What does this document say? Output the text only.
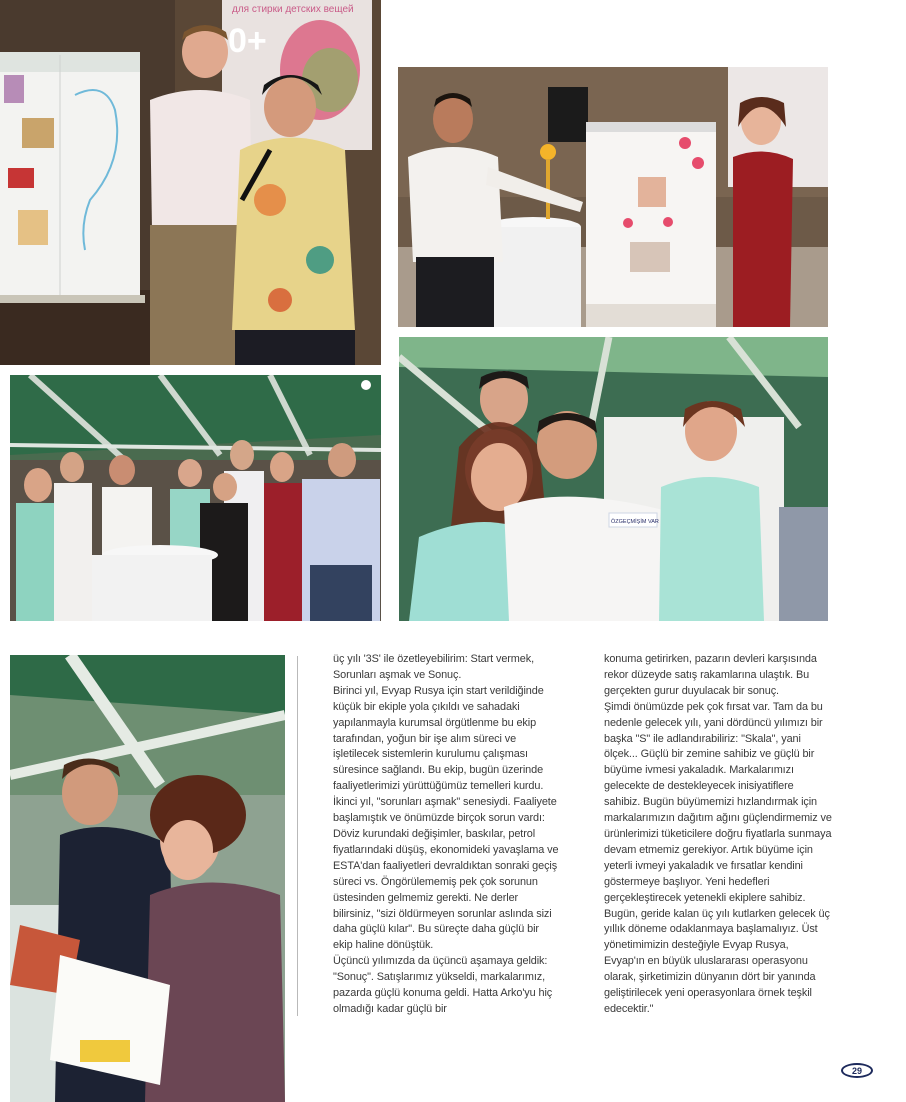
для стирки детских вещей
0+
ÖZGEÇMİŞİM VAR

üç yılı '3S' ile özetleyebilirim: Start vermek, Sorunları aşmak ve Sonuç.

Birinci yıl, Evyap Rusya için start verildiğinde küçük bir ekiple yola çıkıldı ve sahadaki yapılanmayla kurumsal örgütlenme bu ekip tarafından, yoğun bir işe alım süreci ve işletilecek sistemlerin kurulumu çalışması süresince sağlandı. Bu ekip, bugün üzerinde faaliyetlerimizi yürüttüğümüz temelleri kurdu.

İkinci yıl, "sorunları aşmak" senesiydi. Faaliyete başlamıştık ve önümüzde birçok sorun vardı: Döviz kurundaki değişimler, baskılar, petrol fiyatlarındaki düşüş, ekonomideki yavaşlama ve ESTA'dan faaliyetleri devraldıktan sonraki geçiş süreci vs. Öngörülememiş pek çok sorunun üstesinden gelmemiz gerekti. Ne derler bilirsiniz, "sizi öldürmeyen sorunlar aslında sizi daha güçlü kılar". Bu süreçte daha güçlü bir ekip haline dönüştük.

Üçüncü yılımızda da üçüncü aşamaya geldik: "Sonuç". Satışlarımız yükseldi, markalarımız, pazarda güçlü konuma geldi. Hatta Arko'yu hiç olmadığı kadar güçlü bir

konuma getirirken, pazarın devleri karşısında rekor düzeyde satış rakamlarına ulaştık. Bu gerçekten gurur duyulacak bir sonuç.

Şimdi önümüzde pek çok fırsat var. Tam da bu nedenle gelecek yılı, yani dördüncü yılımızı bir başka "S" ile adlandırabiliriz: "Skala", yani ölçek... Güçlü bir zemine sahibiz ve güçlü bir büyüme ivmesi yakaladık. Markalarımızı gelecekte de destekleyecek inisiyatiflere sahibiz. Bugün büyümemizi hızlandırmak için markalarımızın dağıtım ağını güçlendirmemiz ve ürünlerimizi tüketicilere doğru fiyatlarla sunmaya devam etmemiz gerekiyor. Artık büyüme için yeterli ivmeyi yakaladık ve fırsatlar kendini göstermeye başlıyor. Yeni hedefleri gerçekleştirecek yetenekli ekiplere sahibiz. Bugün, geride kalan üç yılı kutlarken gelecek üç yıllık döneme odaklanmaya başlamalıyız. Üst yönetimimizin desteğiyle Evyap Rusya, Evyap'ın en büyük uluslararası operasyonu olarak, şirketimizin dünyanın dört bir yanında geliştirilecek yeni operasyonlara örnek teşkil edecektir."

29
